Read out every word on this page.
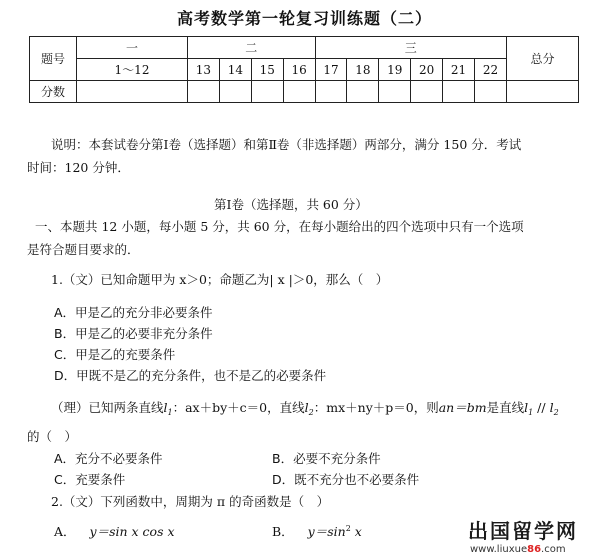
高考数学第一轮复习训练题（二）
题号	一	二				三						总分
	1～12	13	14	15	16	17	18	19	20	21	22	
分数												
说明：本套试卷分第Ⅰ卷（选择题）和第Ⅱ卷（非选择题）两部分，满分 150 分．考试
时间：120 分钟．
第Ⅰ卷（选择题，共 60 分）
一、本题共 12 小题，每小题 5 分，共 60 分，在每小题给出的四个选项中只有一个选项
是符合题目要求的．
1.（文）已知命题甲为 x＞0；命题乙为| x |＞0，那么（　）
A．甲是乙的充分非必要条件
B．甲是乙的必要非充分条件
C．甲是乙的充要条件
D．甲既不是乙的充分条件，也不是乙的必要条件
（理）已知两条直线$l_1$：ax＋by＋c＝0，直线$l_2$：mx＋ny＋p＝0，则an＝bm是直线$l_1 // l_2$
的（　）
A．充分不必要条件	B．必要不充分条件
C．充要条件	D．既不充分也不必要条件
2.（文）下列函数中，周期为 π 的奇函数是（　）
A． y＝sin x cos x	B． $y=\sin^2$ x	出国留学网
www.liuxue86.com
